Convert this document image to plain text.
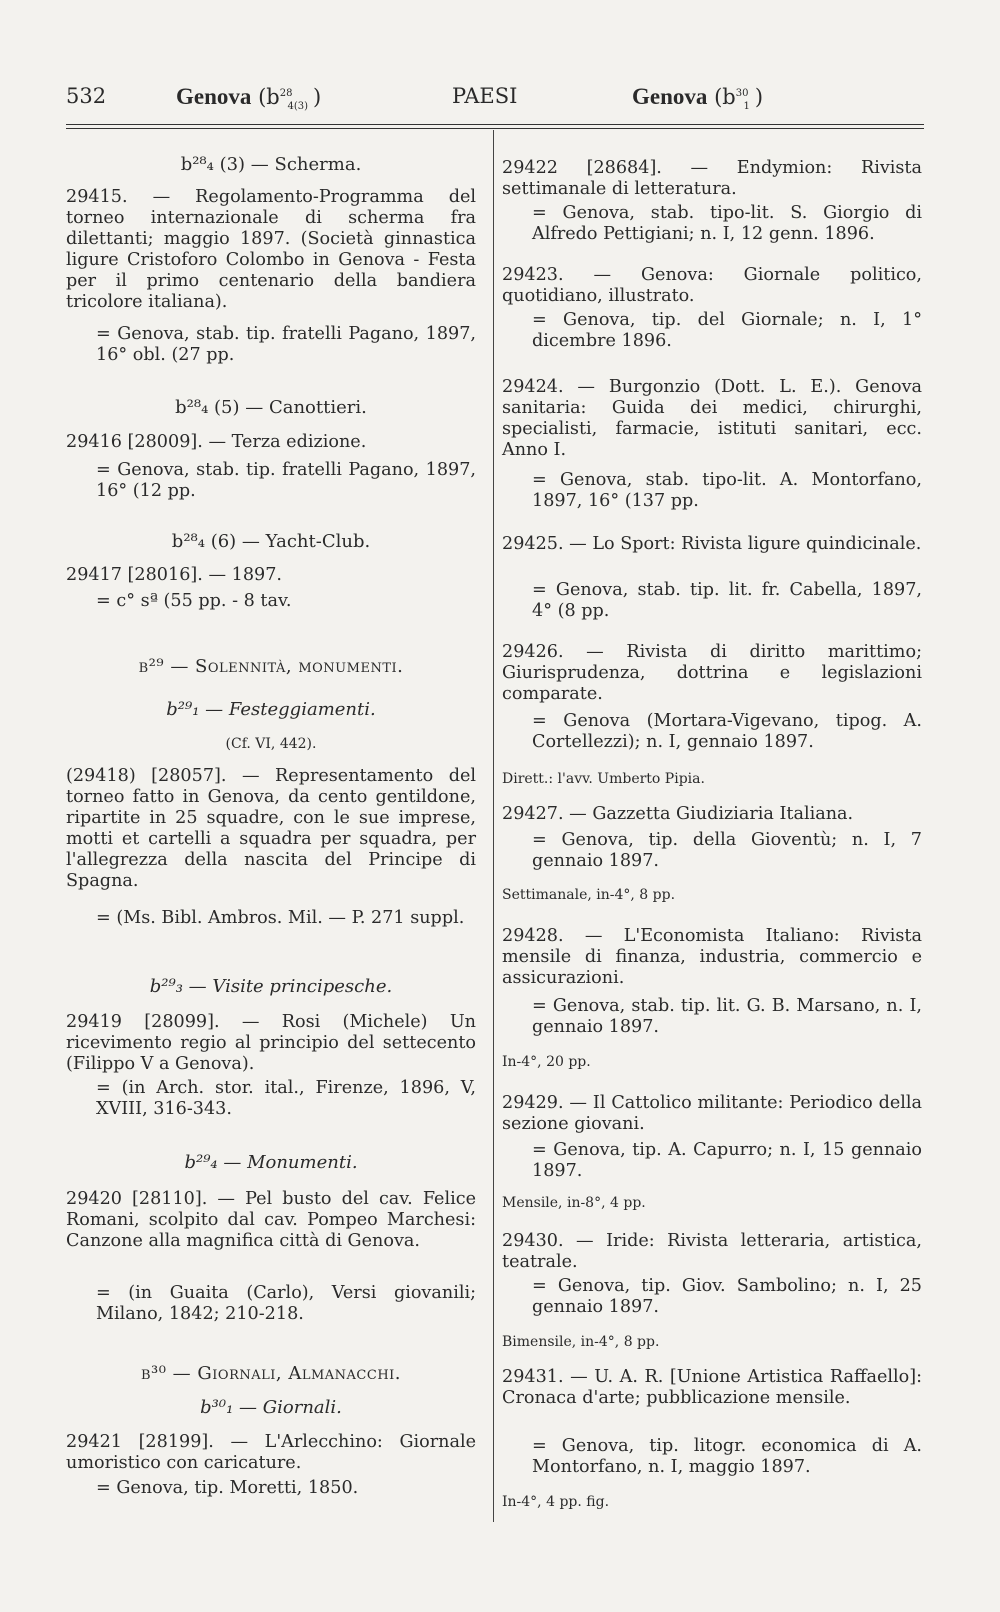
532	Genova ($b^{28}_{4(3)}$ )	PAESI	Genova ($b^{30}_1$ )
b²⁸₄ (3) — Scherma.

29415. — Regolamento-Programma del torneo internazionale di scherma fra dilettanti; maggio 1897. (Società ginnastica ligure Cristoforo Colombo in Genova - Festa per il primo centenario della bandiera tricolore italiana).

= Genova, stab. tip. fratelli Pagano, 1897, 16° obl. (27 pp.

b²⁸₄ (5) — Canottieri.

29416 [28009]. — Terza edizione.

= Genova, stab. tip. fratelli Pagano, 1897, 16° (12 pp.

b²⁸₄ (6) — Yacht-Club.

29417 [28016]. — 1897.

= c° sª (55 pp. - 8 tav.

b²⁹ — Solennità, monumenti.
b²⁹₁ — Festeggiamenti.
(Cf. VI, 442).

(29418) [28057]. — Representamento del torneo fatto in Genova, da cento gentildone, ripartite in 25 squadre, con le sue imprese, motti et cartelli a squadra per squadra, per l'allegrezza della nascita del Principe di Spagna.

= (Ms. Bibl. Ambros. Mil. — P. 271 suppl.

b²⁹₃ — Visite principesche.

29419 [28099]. — Rosi (Michele) Un ricevimento regio al principio del settecento (Filippo V a Genova).

= (in Arch. stor. ital., Firenze, 1896, V, XVIII, 316-343.

b²⁹₄ — Monumenti.

29420 [28110]. — Pel busto del cav. Felice Romani, scolpito dal cav. Pompeo Marchesi: Canzone alla magnifica città di Genova.

= (in Guaita (Carlo), Versi giovanili; Milano, 1842; 210-218.

b³⁰ — Giornali, Almanacchi.
b³⁰₁ — Giornali.

29421 [28199]. — L'Arlecchino: Giornale umoristico con caricature.

= Genova, tip. Moretti, 1850.

29422 [28684]. — Endymion: Rivista settimanale di letteratura.

= Genova, stab. tipo-lit. S. Giorgio di Alfredo Pettigiani; n. I, 12 genn. 1896.

29423. — Genova: Giornale politico, quotidiano, illustrato.

= Genova, tip. del Giornale; n. I, 1° dicembre 1896.

29424. — Burgonzio (Dott. L. E.). Genova sanitaria: Guida dei medici, chirurghi, specialisti, farmacie, istituti sanitari, ecc. Anno I.

= Genova, stab. tipo-lit. A. Montorfano, 1897, 16° (137 pp.

29425. — Lo Sport: Rivista ligure quindicinale.

= Genova, stab. tip. lit. fr. Cabella, 1897, 4° (8 pp.

29426. — Rivista di diritto marittimo; Giurisprudenza, dottrina e legislazioni comparate.

= Genova (Mortara-Vigevano, tipog. A. Cortellezzi); n. I, gennaio 1897.

Dirett.: l'avv. Umberto Pipia.

29427. — Gazzetta Giudiziaria Italiana.

= Genova, tip. della Gioventù; n. I, 7 gennaio 1897.

Settimanale, in-4°, 8 pp.

29428. — L'Economista Italiano: Rivista mensile di finanza, industria, commercio e assicurazioni.

= Genova, stab. tip. lit. G. B. Marsano, n. I, gennaio 1897.

In-4°, 20 pp.

29429. — Il Cattolico militante: Periodico della sezione giovani.

= Genova, tip. A. Capurro; n. I, 15 gennaio 1897.

Mensile, in-8°, 4 pp.

29430. — Iride: Rivista letteraria, artistica, teatrale.

= Genova, tip. Giov. Sambolino; n. I, 25 gennaio 1897.

Bimensile, in-4°, 8 pp.

29431. — U. A. R. [Unione Artistica Raffaello]: Cronaca d'arte; pubblicazione mensile.

= Genova, tip. litogr. economica di A. Montorfano, n. I, maggio 1897.

In-4°, 4 pp. fig.
